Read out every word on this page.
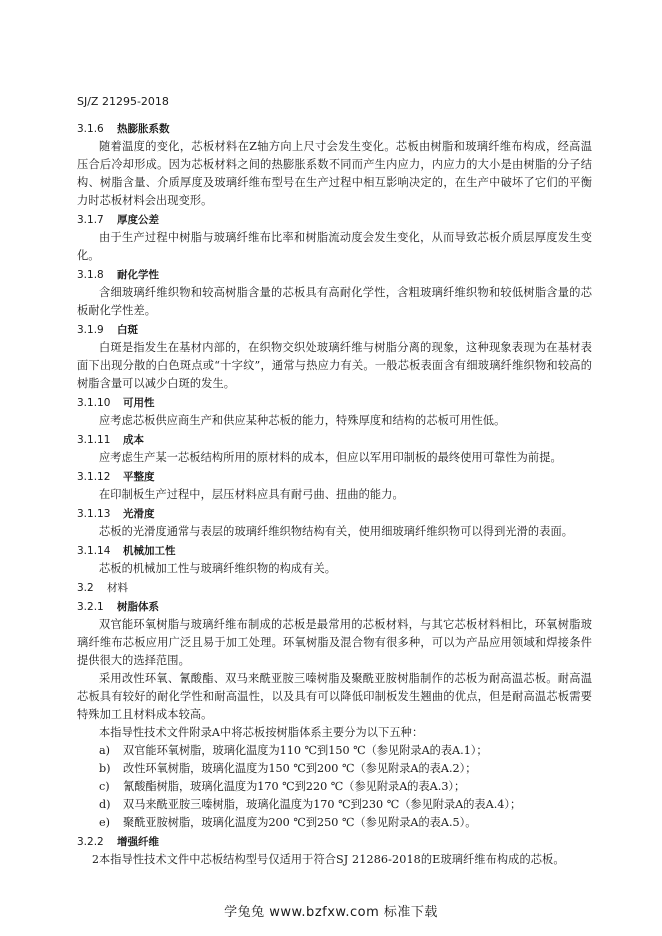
SJ/Z 21295-2018
3.1.6	热膨胀系数

随着温度的变化，芯板材料在Z轴方向上尺寸会发生变化。芯板由树脂和玻璃纤维布构成，经高温压合后冷却形成。因为芯板材料之间的热膨胀系数不同而产生内应力，内应力的大小是由树脂的分子结构、树脂含量、介质厚度及玻璃纤维布型号在生产过程中相互影响决定的，在生产中破坏了它们的平衡力时芯板材料会出现变形。

3.1.7	厚度公差

由于生产过程中树脂与玻璃纤维布比率和树脂流动度会发生变化，从而导致芯板介质层厚度发生变化。

3.1.8	耐化学性

含细玻璃纤维织物和较高树脂含量的芯板具有高耐化学性，含粗玻璃纤维织物和较低树脂含量的芯板耐化学性差。

3.1.9	白斑

白斑是指发生在基材内部的，在织物交织处玻璃纤维与树脂分离的现象，这种现象表现为在基材表面下出现分散的白色斑点或“十字纹”，通常与热应力有关。一般芯板表面含有细玻璃纤维织物和较高的树脂含量可以减少白斑的发生。

3.1.10	可用性

应考虑芯板供应商生产和供应某种芯板的能力，特殊厚度和结构的芯板可用性低。

3.1.11	成本

应考虑生产某一芯板结构所用的原材料的成本，但应以军用印制板的最终使用可靠性为前提。

3.1.12	平整度

在印制板生产过程中，层压材料应具有耐弓曲、扭曲的能力。

3.1.13	光滑度

芯板的光滑度通常与表层的玻璃纤维织物结构有关，使用细玻璃纤维织物可以得到光滑的表面。

3.1.14	机械加工性

芯板的机械加工性与玻璃纤维织物的构成有关。

3.2	材料
3.2.1	树脂体系

双官能环氧树脂与玻璃纤维布制成的芯板是最常用的芯板材料，与其它芯板材料相比，环氧树脂玻璃纤维布芯板应用广泛且易于加工处理。环氧树脂及混合物有很多种，可以为产品应用领域和焊接条件提供很大的选择范围。

采用改性环氧、氰酸酯、双马来酰亚胺三嗪树脂及聚酰亚胺树脂制作的芯板为耐高温芯板。耐高温芯板具有较好的耐化学性和耐高温性，以及具有可以降低印制板发生翘曲的优点，但是耐高温芯板需要特殊加工且材料成本较高。

本指导性技术文件附录A中将芯板按树脂体系主要分为以下五种：

a)	双官能环氧树脂，玻璃化温度为110 ℃到150 ℃（参见附录A的表A.1）；
b)	改性环氧树脂，玻璃化温度为150 ℃到200 ℃（参见附录A的表A.2）；
c)	氰酸酯树脂，玻璃化温度为170 ℃到220 ℃（参见附录A的表A.3）；
d)	双马来酰亚胺三嗪树脂，玻璃化温度为170 ℃到230 ℃（参见附录A的表A.4）；
e)	聚酰亚胺树脂，玻璃化温度为200 ℃到250 ℃（参见附录A的表A.5）。
3.2.2	增强纤维

本指导性技术文件中芯板结构型号仅适用于符合SJ 21286-2018的E玻璃纤维布构成的芯板。

2
学兔兔 www.bzfxw.com 标准下载
